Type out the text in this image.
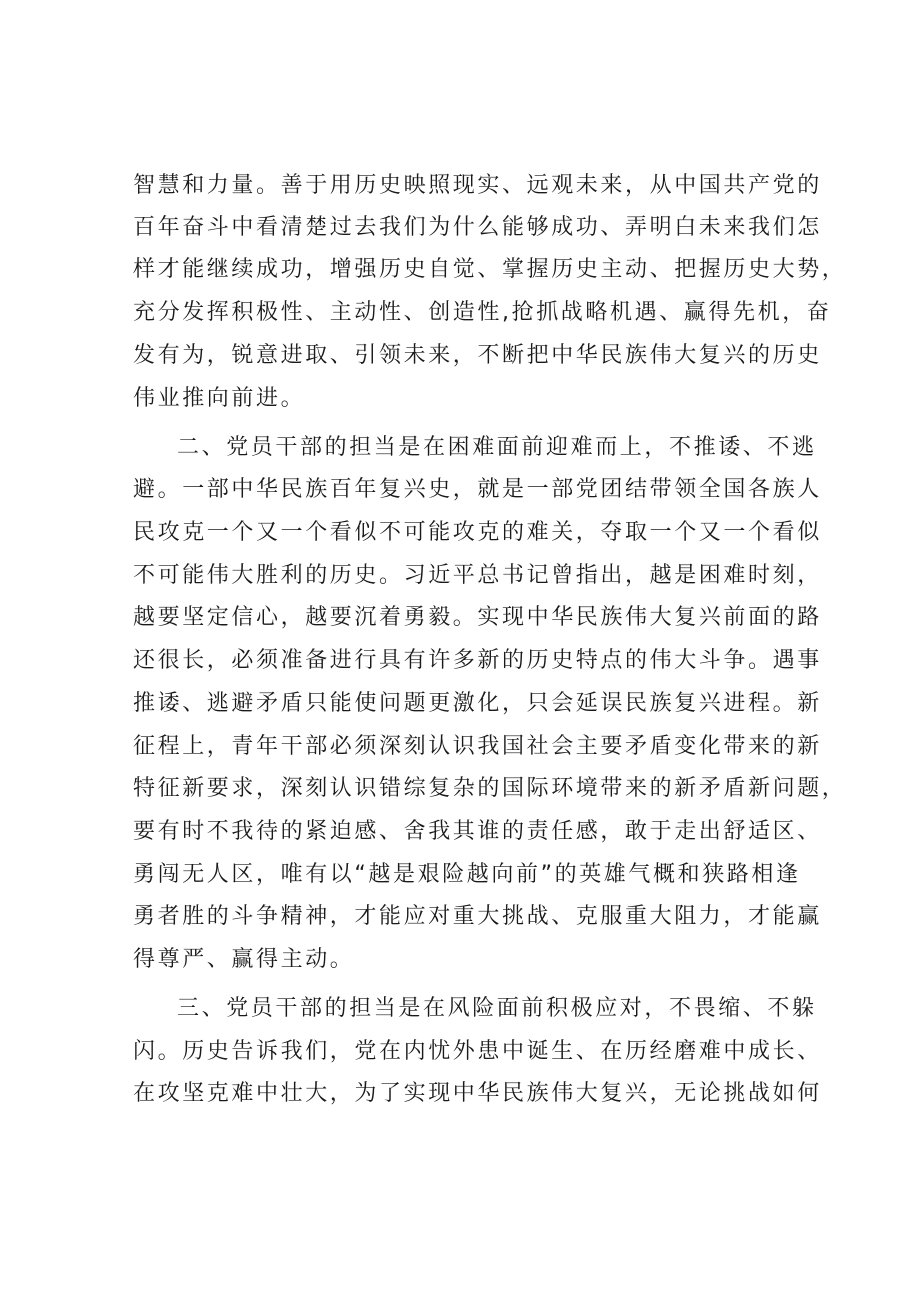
智慧和力量。善于用历史映照现实、远观未来，从中国共产党的
百年奋斗中看清楚过去我们为什么能够成功、弄明白未来我们怎
样才能继续成功，增强历史自觉、掌握历史主动、把握历史大势，
充分发挥积极性、主动性、创造性,抢抓战略机遇、赢得先机，奋
发有为，锐意进取、引领未来，不断把中华民族伟大复兴的历史
伟业推向前进。
二、党员干部的担当是在困难面前迎难而上，不推诿、不逃
避。一部中华民族百年复兴史，就是一部党团结带领全国各族人
民攻克一个又一个看似不可能攻克的难关，夺取一个又一个看似
不可能伟大胜利的历史。习近平总书记曾指出，越是困难时刻，
越要坚定信心，越要沉着勇毅。实现中华民族伟大复兴前面的路
还很长，必须准备进行具有许多新的历史特点的伟大斗争。遇事
推诿、逃避矛盾只能使问题更激化，只会延误民族复兴进程。新
征程上，青年干部必须深刻认识我国社会主要矛盾变化带来的新
特征新要求，深刻认识错综复杂的国际环境带来的新矛盾新问题，
要有时不我待的紧迫感、舍我其谁的责任感，敢于走出舒适区、
勇闯无人区，唯有以“越是艰险越向前”的英雄气概和狭路相逢
勇者胜的斗争精神，才能应对重大挑战、克服重大阻力，才能赢
得尊严、赢得主动。
三、党员干部的担当是在风险面前积极应对，不畏缩、不躲
闪。历史告诉我们，党在内忧外患中诞生、在历经磨难中成长、
在攻坚克难中壮大，为了实现中华民族伟大复兴，无论挑战如何
